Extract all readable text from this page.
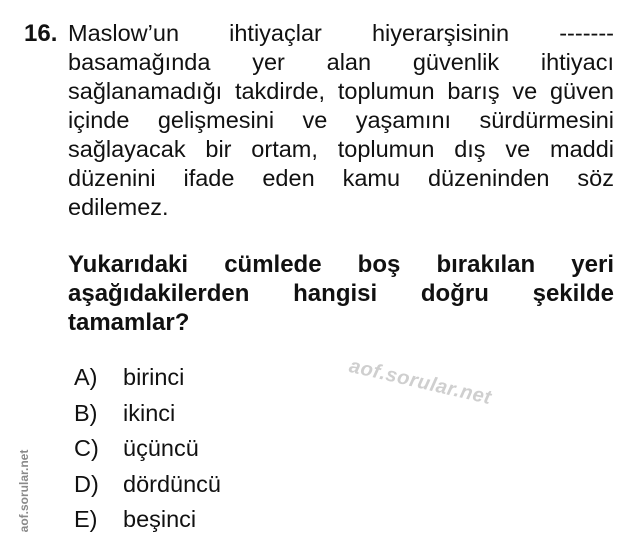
16. Maslow’un ihtiyaçlar hiyerarşisinin -------
basamağında yer alan güvenlik ihtiyacı
sağlanamadığı takdirde, toplumun barış ve güven
içinde gelişmesini ve yaşamını sürdürmesini
sağlayacak bir ortam, toplumun dış ve maddi
düzenini ifade eden kamu düzeninden söz
edilemez.
Yukarıdaki cümlede boş bırakılan yeri
aşağıdakilerden hangisi doğru şekilde
tamamlar?
A)	birinci
B)	ikinci
C)	üçüncü
D)	dördüncü
E)	beşinci
aof.sorular.net
aof.sorular.net
